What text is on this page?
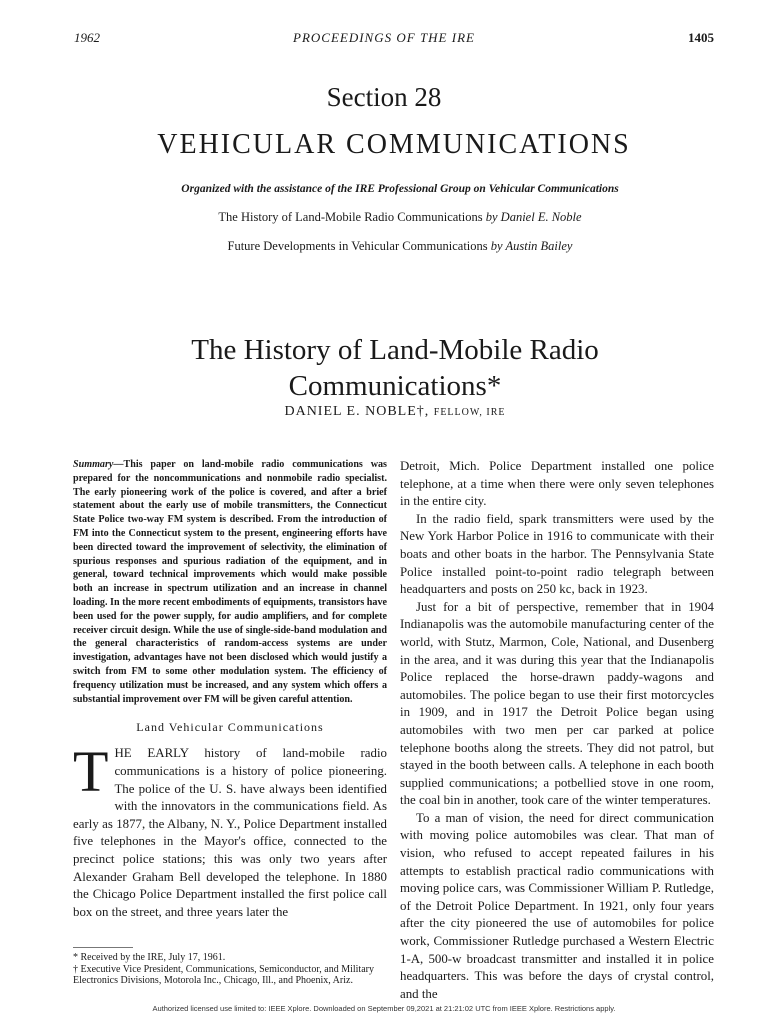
1962	PROCEEDINGS OF THE IRE	1405
Section 28
VEHICULAR COMMUNICATIONS
Organized with the assistance of the IRE Professional Group on Vehicular Communications
The History of Land-Mobile Radio Communications by Daniel E. Noble
Future Developments in Vehicular Communications by Austin Bailey
The History of Land-Mobile Radio
Communications*
DANIEL E. NOBLE†, FELLOW, IRE

Summary—This paper on land-mobile radio communications was prepared for the noncommunications and nonmobile radio specialist. The early pioneering work of the police is covered, and after a brief statement about the early use of mobile transmitters, the Connecticut State Police two-way FM system is described. From the introduction of FM into the Connecticut system to the present, engineering efforts have been directed toward the improvement of selectivity, the elimination of spurious responses and spurious radiation of the equipment, and in general, toward technical improvements which would make possible both an increase in spectrum utilization and an increase in channel loading. In the more recent embodiments of equipments, transistors have been used for the power supply, for audio amplifiers, and for complete receiver circuit design. While the use of single-side-band modulation and the general characteristics of random-access systems are under investigation, advantages have not been disclosed which would justify a switch from FM to some other modulation system. The efficiency of frequency utilization must be increased, and any system which offers a substantial improvement over FM will be given careful attention.

Land Vehicular Communications

THE EARLY history of land-mobile radio communications is a history of police pioneering. The police of the U. S. have always been identified with the innovators in the communications field. As early as 1877, the Albany, N. Y., Police Department installed five telephones in the Mayor's office, connected to the precinct police stations; this was only two years after Alexander Graham Bell developed the telephone. In 1880 the Chicago Police Department installed the first police call box on the street, and three years later the

* Received by the IRE, July 17, 1961.

† Executive Vice President, Communications, Semiconductor, and Military Electronics Divisions, Motorola Inc., Chicago, Ill., and Phoenix, Ariz.

Detroit, Mich. Police Department installed one police telephone, at a time when there were only seven telephones in the entire city.

In the radio field, spark transmitters were used by the New York Harbor Police in 1916 to communicate with their boats and other boats in the harbor. The Pennsylvania State Police installed point-to-point radio telegraph between headquarters and posts on 250 kc, back in 1923.

Just for a bit of perspective, remember that in 1904 Indianapolis was the automobile manufacturing center of the world, with Stutz, Marmon, Cole, National, and Dusenberg in the area, and it was during this year that the Indianapolis Police replaced the horse-drawn paddy-wagons and automobiles. The police began to use their first motorcycles in 1909, and in 1917 the Detroit Police began using automobiles with two men per car parked at police telephone booths along the streets. They did not patrol, but stayed in the booth between calls. A telephone in each booth supplied communications; a potbellied stove in one room, the coal bin in another, took care of the winter temperatures.

To a man of vision, the need for direct communication with moving police automobiles was clear. That man of vision, who refused to accept repeated failures in his attempts to establish practical radio communications with moving police cars, was Commissioner William P. Rutledge, of the Detroit Police Department. In 1921, only four years after the city pioneered the use of automobiles for police work, Commissioner Rutledge purchased a Western Electric 1-A, 500-w broadcast transmitter and installed it in police headquarters. This was before the days of crystal control, and the

Authorized licensed use limited to: IEEE Xplore. Downloaded on September 09,2021 at 21:21:02 UTC from IEEE Xplore. Restrictions apply.
